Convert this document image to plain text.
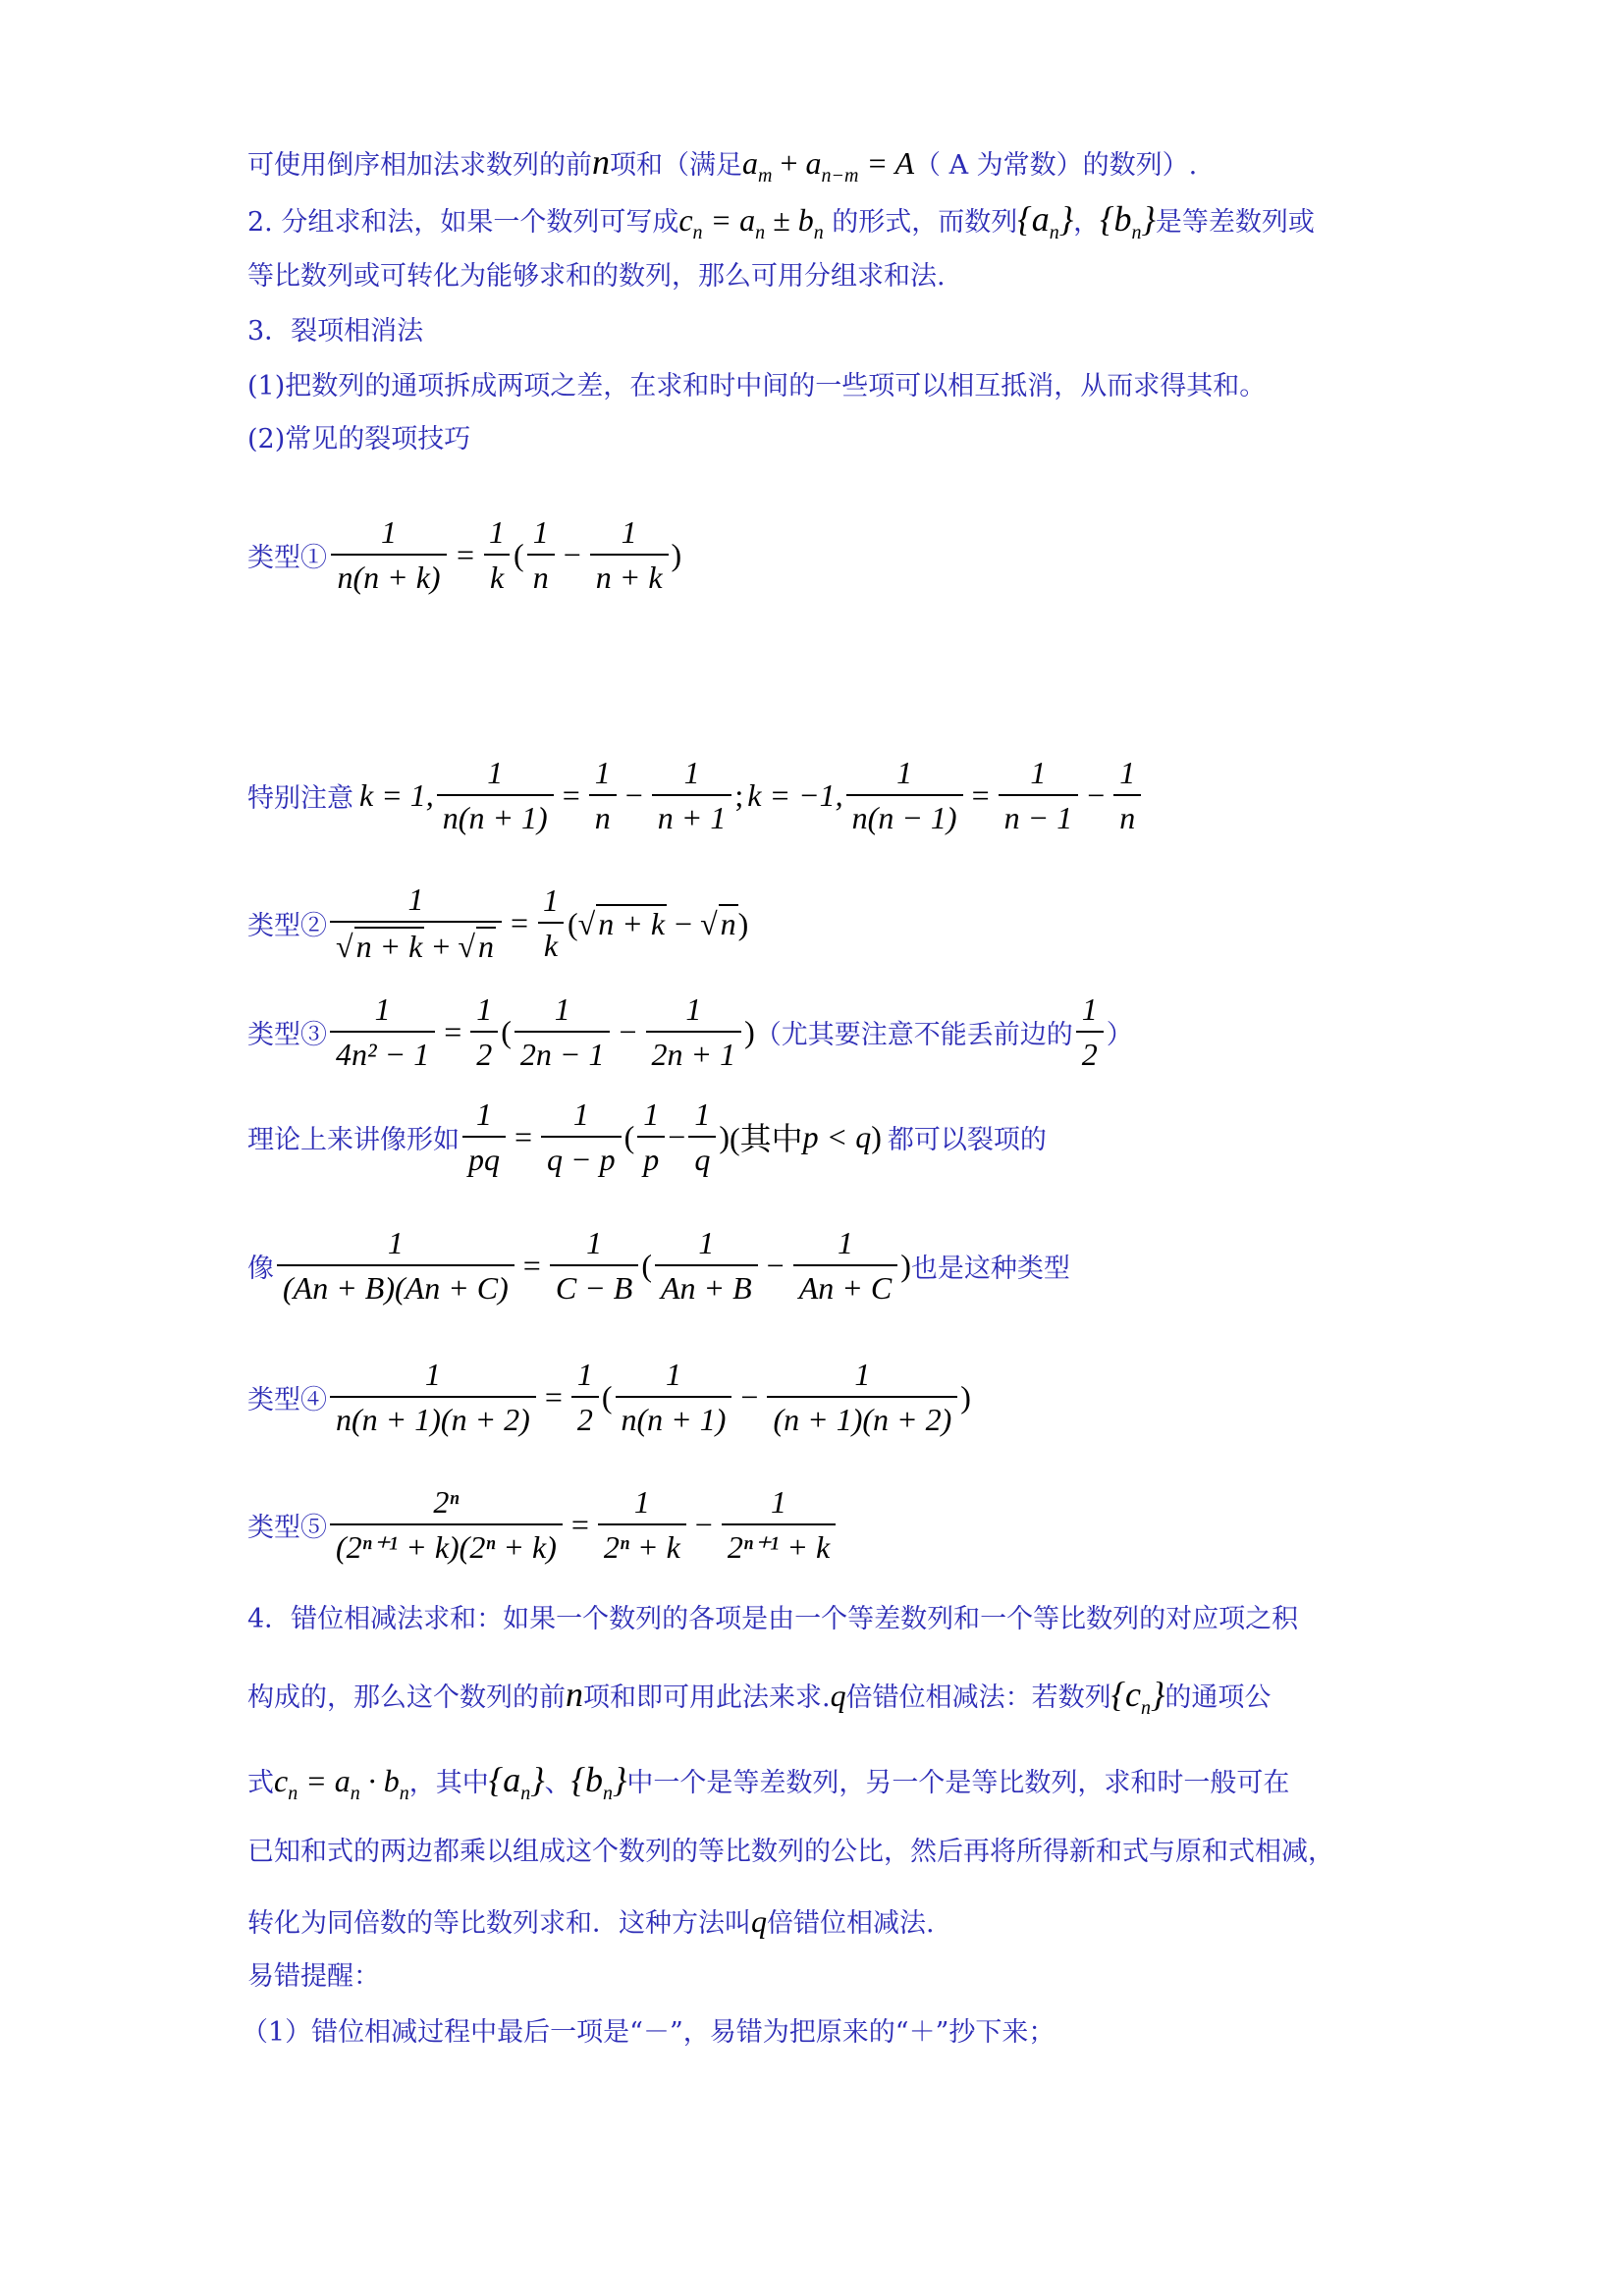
可使用倒序相加法求数列的前n项和（满足$a_m + a_{n-m} = A$（ A 为常数）的数列）.
2. 分组求和法，如果一个数列可写成$c_n = a_n \pm b_n$ 的形式，而数列$\{a_n\}$，$\{b_n\}$是等差数列或
等比数列或可转化为能够求和的数列，那么可用分组求和法.
3．裂项相消法
(1)把数列的通项拆成两项之差，在求和时中间的一些项可以相互抵消，从而求得其和。
(2)常见的裂项技巧
类型① $\frac{1}{n(n + k)} = \frac{1}{k}$ ( $\frac{1}{n} - \frac{1}{n + k}$ )
特别注意 k = 1, $\frac{1}{n(n + 1)} = \frac{1}{n} - \frac{1}{n + 1}$ ; k = −1, $\frac{1}{n(n - 1)} = \frac{1}{n - 1} - \frac{1}{n}$
类型② $\frac{1}{√n + k + √n} = \frac{1}{k} (√n + k - √n)$
类型③ $\frac{1}{\text{4n² − 1}} = \frac{1}{2}$ ( $\frac{1}{2n - 1} - \frac{1}{2n + 1}$ ) （尤其要注意不能丢前边的 $\frac{1}{2}$ ）
理论上来讲像形如 $\frac{1}{pq} = \frac{1}{q - p}$ ( $\frac{1}{p} - \frac{1}{q}$ ) (其中 p < q ) 都可以裂项的
像 $\frac{1}{(An + B)(An + C)} = \frac{1}{C - B}$ ( $\frac{1}{An + B} - \frac{1}{An + C}$ ) 也是这种类型
类型④ $\frac{1}{n(n + 1)(n + 2)} = \frac{1}{2}$ ( $\frac{1}{n(n + 1)} - \frac{1}{(n + 1)(n + 2)}$ )
类型⑤ $\frac{\text{2ⁿ}}{\text{(2ⁿ⁺¹ + k)(2ⁿ + k)}} = \frac{1}{\text{2ⁿ + k}} - \frac{1}{\text{2ⁿ⁺¹ + k}}$
4．错位相减法求和：如果一个数列的各项是由一个等差数列和一个等比数列的对应项之积
构成的，那么这个数列的前n项和即可用此法来求.q倍错位相减法：若数列$\{c_n\}$的通项公
式$c_n = a_n \cdot b_n$，其中$\{a_n\}$、$\{b_n\}$中一个是等差数列，另一个是等比数列，求和时一般可在
已知和式的两边都乘以组成这个数列的等比数列的公比，然后再将所得新和式与原和式相减，
转化为同倍数的等比数列求和．这种方法叫q倍错位相减法.
易错提醒：
（1）错位相减过程中最后一项是“－”，易错为把原来的“＋”抄下来；
